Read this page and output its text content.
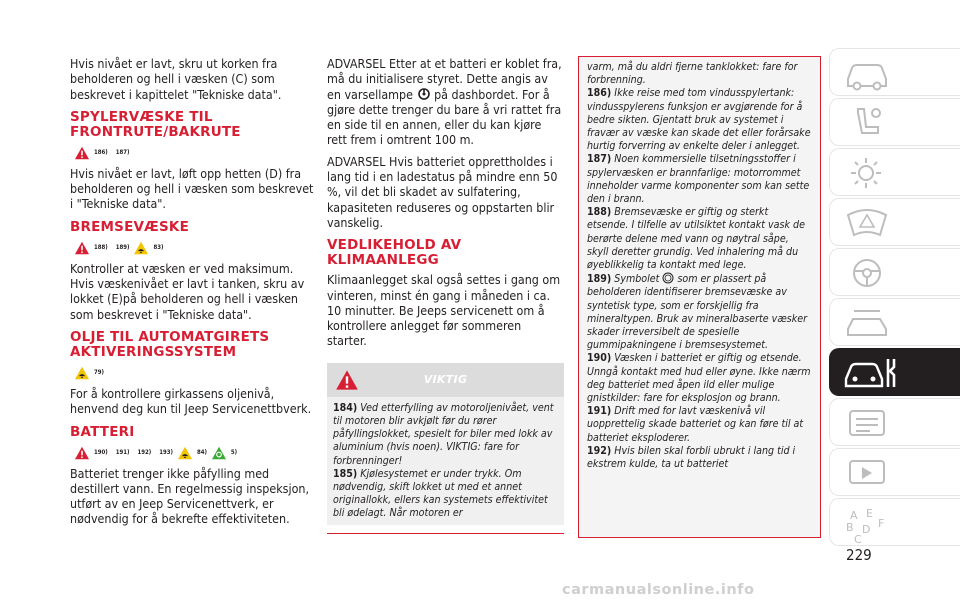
Hvis nivået er lavt, skru ut korken fra beholderen og hell i væsken (C) som beskrevet i kapittelet "Tekniske data".

SPYLERVÆSKE TIL FRONTRUTE/BAKRUTE
186) 187)

Hvis nivået er lavt, løft opp hetten (D) fra beholderen og hell i væsken som beskrevet i "Tekniske data".

BREMSEVÆSKE
188) 189)	83)

Kontroller at væsken er ved maksimum. Hvis væskenivået er lavt i tanken, skru av lokket (E)på beholderen og hell i væsken som beskrevet i "Tekniske data".

OLJE TIL AUTOMATGIRETS AKTIVERINGSSYSTEM
79)

For å kontrollere girkassens oljenivå, henvend deg kun til Jeep Servicenettbverk.

BATTERI
190) 191) 192) 193)	84)	5)

Batteriet trenger ikke påfylling med destillert vann. En regelmessig inspeksjon, utført av en Jeep Servicenettverk, er nødvendig for å bekrefte effektiviteten.

ADVARSEL Etter at et batteri er koblet fra, må du initialisere styret. Dette angis av en varsellampe på dashbordet. For å gjøre dette trenger du bare å vri rattet fra en side til en annen, eller du kan kjøre rett frem i omtrent 100 m.

ADVARSEL Hvis batteriet opprettholdes i lang tid i en ladestatus på mindre enn 50 %, vil det bli skadet av sulfatering, kapasiteten reduseres og oppstarten blir vanskelig.

VEDLIKEHOLD AV KLIMAANLEGG

Klimaanlegget skal også settes i gang om vinteren, minst én gang i måneden i ca. 10 minutter. Be Jeeps servicenett om å kontrollere anlegget før sommeren starter.

VIKTIG

184) Ved etterfylling av motoroljenivået, vent til motoren blir avkjølt før du rører påfyllingslokket, spesielt for biler med lokk av aluminium (hvis noen). VIKTIG: fare for forbrenninger!

185) Kjølesystemet er under trykk. Om nødvendig, skift lokket ut med et annet originallokk, ellers kan systemets effektivitet bli ødelagt. Når motoren er

varm, må du aldri fjerne tanklokket: fare for forbrenning.

186) Ikke reise med tom vindusspylertank: vindusspylerens funksjon er avgjørende for å bedre sikten. Gjentatt bruk av systemet i fravær av væske kan skade det eller forårsake hurtig forverring av enkelte deler i anlegget.

187) Noen kommersielle tilsetningsstoffer i spylervæsken er brannfarlige: motorrommet inneholder varme komponenter som kan sette den i brann.

188) Bremsevæske er giftig og sterkt etsende. I tilfelle av utilsiktet kontakt vask de berørte delene med vann og nøytral såpe, skyll deretter grundig. Ved inhalering må du øyeblikkelig ta kontakt med lege.

189) Symbolet som er plassert på beholderen identifiserer bremsevæske av syntetisk type, som er forskjellig fra mineraltypen. Bruk av mineralbaserte væsker skader irreversibelt de spesielle gummipakningene i bremsesystemet.

190) Væsken i batteriet er giftig og etsende. Unngå kontakt med hud eller øyne. Ikke nærm deg batteriet med åpen ild eller mulige gnistkilder: fare for eksplosjon og brann.

191) Drift med for lavt væskenivå vil uopprettelig skade batteriet og kan føre til at batteriet eksploderer.

192) Hvis bilen skal forbli ubrukt i lang tid i ekstrem kulde, ta ut batteriet

229
carmanualsonline.info
A E
B D F
C
